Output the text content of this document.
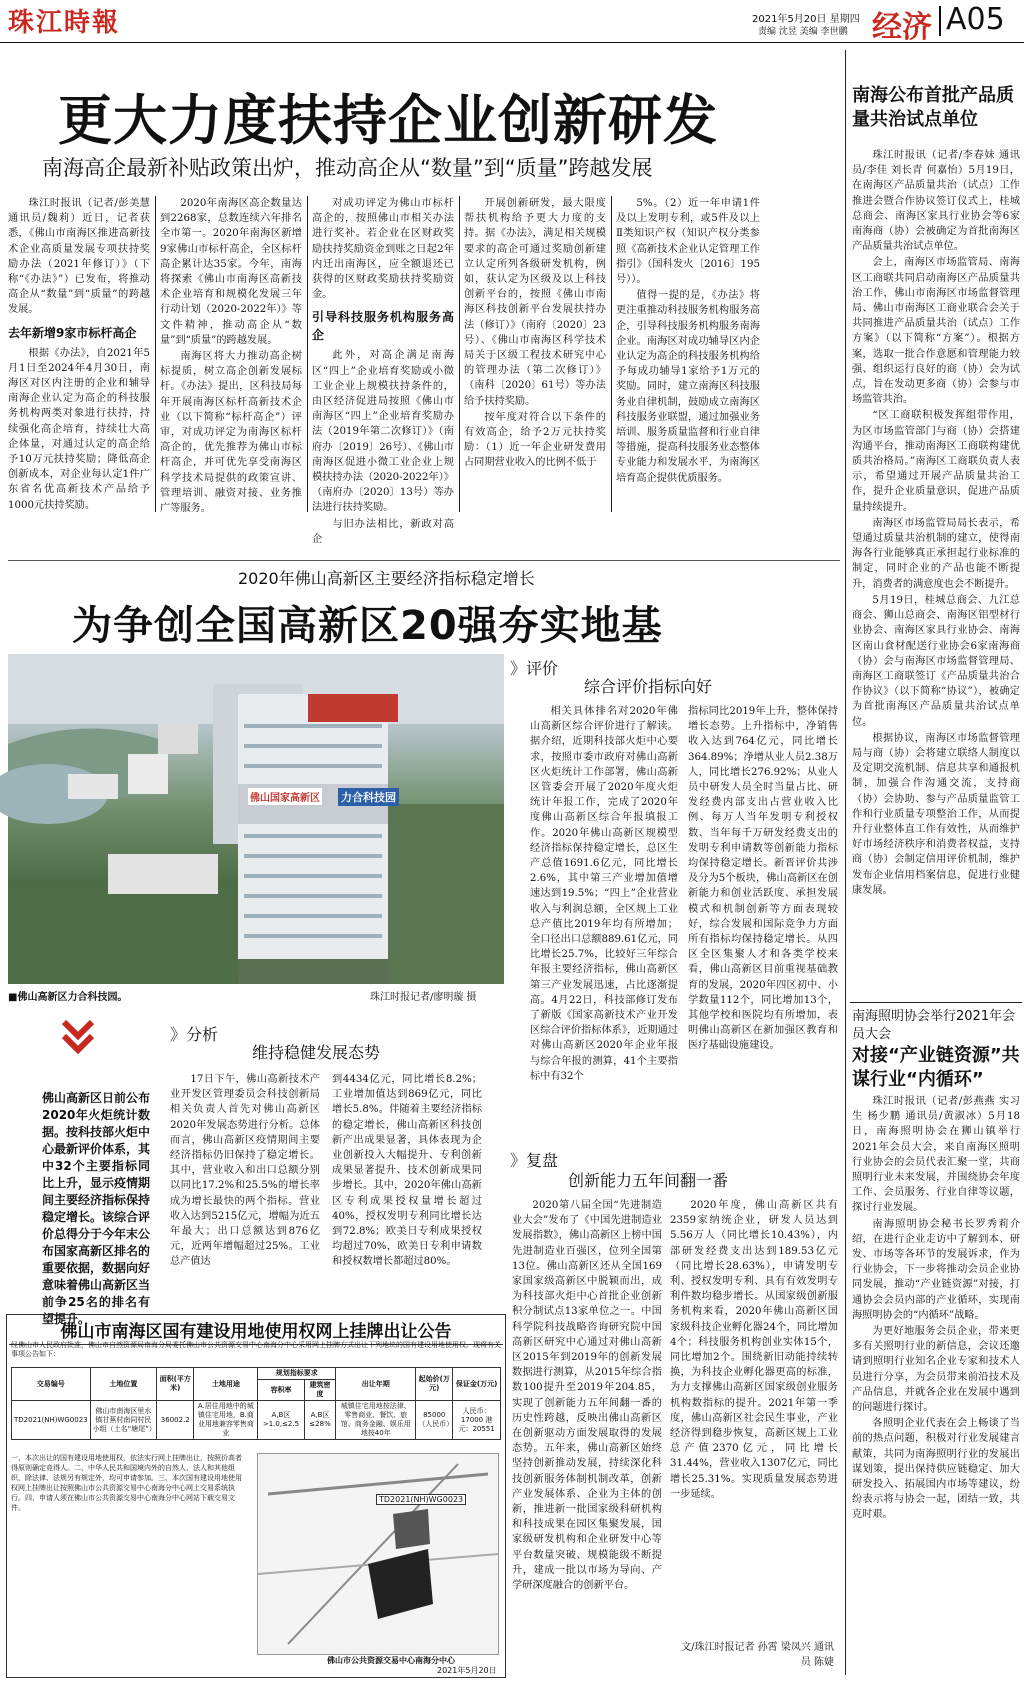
珠江時報	2021年5月20日 星期四
责编 沈昱 美编 李世鹏 经济 A05
更大力度扶持企业创新研发
南海高企最新补贴政策出炉，推动高企从“数量”到“质量”跨越发展

珠江时报讯（记者/彭美慧 通讯员/魏莉）近日，记者获悉，《佛山市南海区推进高新技术企业高质量发展专项扶持奖励办法（2021年修订）》（下称“《办法》”）已发布，将推动高企从“数量”到“质量”的跨越发展。

去年新增9家市标杆高企

根据《办法》，自2021年5月1日至2024年4月30日，南海区对区内注册的企业和辅导南海企业认定为高企的科技服务机构两类对象进行扶持，持续强化高企培育，持续壮大高企体量，对通过认定的高企给予10万元扶持奖励；降低高企创新成本，对企业每认定1件广东省名优高新技术产品给予1000元扶持奖励。

2020年南海区高企数量达到2268家，总数连续六年排名全市第一。2020年南海区新增9家佛山市标杆高企，全区标杆高企累计达35家。今年，南海将探索《佛山市南海区高新技术企业培育和规模化发展三年行动计划（2020-2022年）》等文件精神，推动高企从“数量”到“质量”的跨越发展。

南海区将大力推动高企树标提质，树立高企创新发展标杆。《办法》提出，区科技局每年开展南海区标杆高新技术企业（以下简称“标杆高企”）评审，对成功评定为南海区标杆高企的，优先推荐为佛山市标杆高企，并可优先享受南海区科学技术局提供的政策宣讲、管理培训、融资对接、业务推广等服务。

对成功评定为佛山市标杆高企的，按照佛山市相关办法进行奖补。若企业在区财政奖励扶持奖励资金到账之日起2年内迁出南海区，应全额退还已获得的区财政奖励扶持奖励资金。

引导科技服务机构服务高企

此外，对高企满足南海区“四上”企业培育奖励或小微工业企业上规模扶持条件的，由区经济促进局按照《佛山市南海区“四上”企业培育奖励办法（2019年第二次修订）》（南府办〔2019〕26号）、《佛山市南海区促进小微工业企业上规模扶持办法（2020-2022年）》（南府办〔2020〕13号）等办法进行扶持奖励。

与旧办法相比，新政对高企

开展创新研发，最大限度帮扶机构给予更大力度的支持。据《办法》，满足相关规模要求的高企可通过奖励创新建立认定所列各级研发机构，例如，获认定为区级及以上科技创新平台的，按照《佛山市南海区科技创新平台发展扶持办法（修订）》（南府〔2020〕23号）、《佛山市南海区科学技术局关于区级工程技术研究中心的管理办法（第二次修订）》（南科〔2020〕61号）等办法给予扶持奖励。

按年度对符合以下条件的有效高企，给予2万元扶持奖励：（1）近一年企业研发费用占同期营业收入的比例不低于

5%。（2）近一年申请1件及以上发明专利，或5件及以上Ⅱ类知识产权（知识产权分类参照《高新技术企业认定管理工作指引》（国科发火〔2016〕195号））。

值得一提的是，《办法》将更注重推动科技服务机构服务高企，引导科技服务机构服务南海企业。南海区对成功辅导区内企业认定为高企的科技服务机构给予每成功辅导1家给予1万元的奖励。同时，建立南海区科技服务业自律机制，鼓励成立南海区科技服务业联盟，通过加强业务培训、服务质量监督和行业自律等措施，提高科技服务业态整体专业能力和发展水平，为南海区培育高企提供优质服务。

南海公布首批产品质量共治试点单位

珠江时报讯（记者/李春妹 通讯员/李佳 刘长青 何嘉怡）5月19日，在南海区产品质量共治（试点）工作推进会暨合作协议签订仪式上，桂城总商会、南海区家具行业协会等6家南海商（协）会被确定为首批南海区产品质量共治试点单位。

会上，南海区市场监管局、南海区工商联共同启动南海区产品质量共治工作，佛山市南海区市场监督管理局、佛山市南海区工商业联合会关于共同推进产品质量共治（试点）工作方案》（以下简称“方案”）。根据方案，选取一批合作意愿和管理能力较强、组织运行良好的商（协）会为试点，旨在发动更多商（协）会参与市场监管共治。

“区工商联积极发挥组带作用，为区市场监管部门与商（协）会搭建沟通平台，推动南海区工商联构建优质共治格局。”南海区工商联负责人表示，希望通过开展产品质量共治工作，提升企业质量意识，促进产品质量持续提升。

南海区市场监管局局长表示，希望通过质量共治机制的建立，使得南海各行业能够真正承担起行业标准的制定，同时企业的产品也能不断提升，消费者的满意度也会不断提升。

5月19日，桂城总商会、九江总商会、狮山总商会、南海区铝型材行业协会、南海区家具行业协会、南海区南山食材配送行业协会6家南海商（协）会与南海区市场监督管理局、南海区工商联签订《产品质量共治合作协议》（以下简称“协议”），被确定为首批南海区产品质量共治试点单位。

根据协议，南海区市场监督管理局与商（协）会将建立联络人制度以及定期交流机制、信息共享和通报机制，加强合作沟通交流，支持商（协）会协助、参与产品质量监管工作和行业质量专项整治工作，从而提升行业整体直工作有效性，从而维护好市场经济秩序和消费者权益，支持商（协）会制定信用评价机制，维护发布企业信用档案信息，促进行业健康发展。

南海照明协会举行2021年会员大会
对接“产业链资源”共谋行业“内循环”

珠江时报讯（记者/彭燕燕 实习生 杨少鹏 通讯员/黄淑冰）5月18日，南海照明协会在狮山镇举行2021年会员大会，来自南海区照明行业协会的会员代表汇聚一堂，共商照明行业未来发展，并围绕协会年度工作、会员服务、行业自律等议题，探讨行业发展。

南海照明协会秘书长罗秀莉介绍，在进行企业走访中了解到本、研发、市场等各环节的发展诉求，作为行业协会，下一步将推动会员企业协同发展，推动“产业链资源”对接，打通协会会员内部的产业循环，实现南海照明协会的“内循环”战略。

为更好地服务会员企业，带来更多有关照明行业的新信息，会议还邀请到照明行业知名企业专家和技术人员进行分享，为会员带来前沿技术及产品信息，并就各企业在发展中遇到的问题进行探讨。

各照明企业代表在会上畅谈了当前的热点问题，积极对行业发展建言献策，共同为南海照明行业的发展出谋划策，提出保持供应链稳定、加大研发投入、拓展国内市场等建议，纷纷表示将与协会一起，团结一致，共克时艰。

2020年佛山高新区主要经济指标稳定增长
为争创全国高新区20强夯实地基
佛山国家高新区 力合科技园
■佛山高新区力合科技园。	珠江时报记者/廖明璇 摄
》评价
综合评价指标向好

相关具体排名对2020年佛山高新区综合评价进行了解读。据介绍，近期科技部火炬中心要求，按照市委市政府对佛山高新区火炬统计工作部署，佛山高新区管委会开展了2020年度火炬统计年报工作，完成了2020年度佛山高新区综合年报填报工作。2020年佛山高新区规模型经济指标保持稳定增长，总区生产总值1691.6亿元，同比增长2.6%，其中第三产业增加值增速达到19.5%；“四上”企业营业收入与利润总额，全区规上工业总产值比2019年均有所增加；全口径出口总额889.61亿元，同比增长25.7%，比较好三年综合年报主要经济指标，佛山高新区第三产业发展迅速，占比逐渐提高。4月22日，科技部修订发布了新版《国家高新技术产业开发区综合评价指标体系》，近期通过对佛山高新区2020年企业年报与综合年报的测算，41个主要指标中有32个

指标同比2019年上升，整体保持增长态势。上升指标中，净销售收入达到764亿元，同比增长364.89%；净增从业人员2.38万人，同比增长276.92%；从业人员中研发人员全时当量占比、研发经费内部支出占营业收入比例、每万人当年发明专利授权数、当年每千万研发经费支出的发明专利申请数等创新能力指标均保持稳定增长。新晋评价共涉及分为5个板块，佛山高新区在创新能力和创业活跃度、承担发展模式和机制创新等方面表现较好，综合发展和国际竞争力方面所有指标均保持稳定增长。从四区全区集聚人才和各类学校来看，佛山高新区目前重视基础教育的发展，2020年四区初中、小学数量112个，同比增加13个，其他学校和医院均有所增加，表明佛山高新区在新加强区教育和医疗基础设施建设。

》分析
维持稳健发展态势
佛山高新区日前公布2020年火炬统计数据。按科技部火炬中心最新评价体系，其中32个主要指标同比上升，显示疫情期间主要经济指标保持稳定增长。该综合评价总得分于今年末公布国家高新区排名的重要依据，数据向好意味着佛山高新区当前争25名的排名有望提升。

17日下午，佛山高新技术产业开发区管理委员会科技创新局相关负责人首先对佛山高新区2020年发展态势进行分析。总体而言，佛山高新区疫情期间主要经济指标仍旧保持了稳定增长。其中，营业收入和出口总额分别以同比17.2%和25.5%的增长率成为增长最快的两个指标。营业收入达到5215亿元，增幅为近五年最大；出口总额达到876亿元，近两年增幅超过25%。工业总产值达

到4434亿元，同比增长8.2%；工业增加值达到869亿元，同比增长5.8%。伴随着主要经济指标的稳定增长，佛山高新区科技创新产出成果显著，具体表现为企业创新投入大幅提升、专利创新成果显著提升、技术创新成果同步增长。其中，2020年佛山高新区专利成果授权量增长超过40%，授权发明专利同比增长达到72.8%；欧美日专利成果授权均超过70%，欧美日专利申请数和授权数增长都超过80%。

》复盘
创新能力五年间翻一番

2020第八届全国“先进制造业大会”发布了《中国先进制造业发展指数》，佛山高新区上榜中国先进制造业百强区，位列全国第13位。佛山高新区还从全国169家国家级高新区中脱颖而出，成为科技部火炬中心首批企业创新积分制试点13家单位之一。中国科学院科技战略咨询研究院中国高新区研究中心通过对佛山高新区2015年到2019年的创新发展数据进行测算，从2015年综合指数100提升至2019年204.85，实现了创新能力五年间翻一番的历史性跨越，反映出佛山高新区在创新驱动方面发展取得的发展态势。五年来，佛山高新区始终坚持创新推动发展，持续深化科技创新服务体制机制改革，创新产业发展体系、企业为主体的创新，推进新一批国家级科研机构和科技成果在园区集聚发展，国家级研发机构和企业研发中心等平台数量突破、规模能级不断提升，建成一批以市场为导向、产学研深度融合的创新平台。

2020年度，佛山高新区共有2359家纳统企业，研发人员达到5.56万人（同比增长10.43%），内部研发经费支出达到189.53亿元（同比增长28.63%），申请发明专利、授权发明专利、具有有效发明专利件数均稳步增长。从国家级创新服务机构来看，2020年佛山高新区国家级科技企业孵化器24个，同比增加4个；科技服务机构创业实体15个，同比增加2个。围绕新旧动能持续转换，为科技企业孵化器更高的标准，为力支撑佛山高新区国家级创业服务机构数指标的提升。2021年第一季度，佛山高新区社会民生事业，产业经济得到稳步恢复，高新区规上工业总产值2370亿元，同比增长31.44%，营业收入1307亿元，同比增长25.31%。实现质量发展态势进一步延续。

文/珠江时报记者 孙霄 梁凤兴 通讯员 陈婕
佛山市南海区国有建设用地使用权网上挂牌出让公告
经佛山市人民政府批准，佛山市自然资源局南海分局委托佛山市公共资源交易中心南海分中心采用网上挂牌方式出让下列地块的国有建设用地使用权。现将有关事项公告如下：
交易编号	土地位置	面积(平方米)	土地用途	规划指标要求		出让年期	起始价(万元)	保证金(万元)
				容积率	建筑密度			
TD2021(NH)WG0023	佛山市南海区里水镇甘蕉村南同村民小组（土名“塘尾”）	36002.2	A.居住用地中的城镇住宅用地，B.商业用地兼容零售商业	A,B区>1.0,≤2.5	A,B区≤28%	城镇住宅用地按法律、零售商业、餐饮、旅馆、商务金融、娱乐用地按40年	85000（人民币）	人民币：17000 港元：20551
一、本次出让的国有建设用地使用权，依法实行网上挂牌出让，按照价高者得原则确定竞得人。二、中华人民共和国境内外的自然人、法人和其他组织，除法律、法规另有规定外，均可申请参加。三、本次国有建设用地使用权网上挂牌出让按照佛山市公共资源交易中心南海分中心网上交易系统执行。四、申请人须在佛山市公共资源交易中心南海分中心网站下载交易文件。
TD2021(NH)WG0023
佛山市公共资源交易中心南海分中心
2021年5月20日
